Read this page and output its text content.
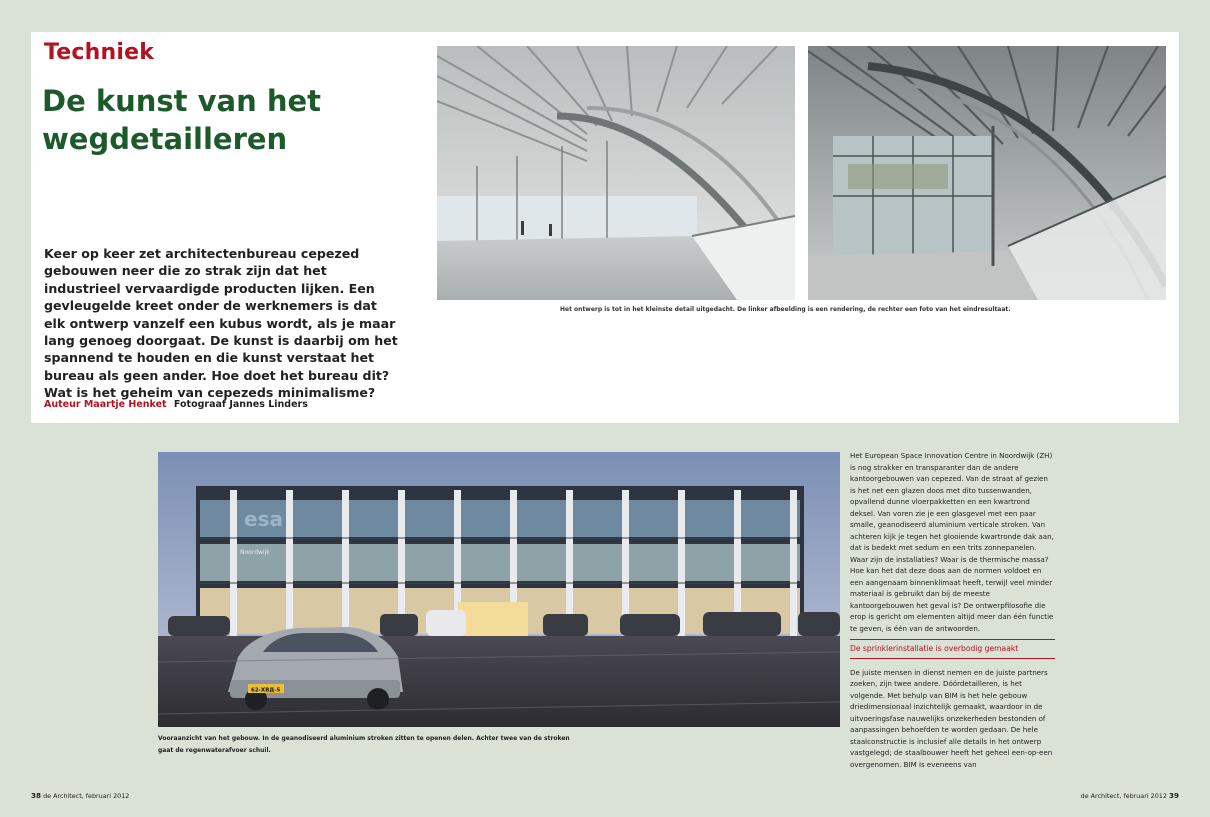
Techniek
De kunst van het wegdetailleren
Keer op keer zet architectenbureau cepezed gebouwen neer die zo strak zijn dat het industrieel vervaardigde producten lijken. Een gevleugelde kreet onder de werknemers is dat elk ontwerp vanzelf een kubus wordt, als je maar lang genoeg doorgaat. De kunst is daarbij om het spannend te houden en die kunst verstaat het bureau als geen ander. Hoe doet het bureau dit? Wat is het geheim van cepezeds minimalisme?
Auteur Maartje Henket Fotograaf Jannes Linders
Het ontwerp is tot in het kleinste detail uitgedacht. De linker afbeelding is een rendering, de rechter een foto van het eindresultaat.
esa
Noordwijk
62-ХВД-5
Vooraanzicht van het gebouw. In de geanodiseerd aluminium stroken zitten te openen delen. Achter twee van de stroken gaat de regenwaterafvoer schuil.

Het European Space Innovation Centre in Noordwijk (ZH) is nog strakker en transparanter dan de andere kantoorgebouwen van cepezed. Van de straat af gezien is het net een glazen doos met dito tussenwanden, opvallend dunne vloerpakketten en een kwartrond deksel. Van voren zie je een glasgevel met een paar smalle, geanodiseerd aluminium verticale stroken. Van achteren kijk je tegen het glooiende kwartronde dak aan, dat is bedekt met sedum en een trits zonnepanelen.

Waar zijn de installaties? Waar is de thermische massa? Hoe kan het dat deze doos aan de normen voldoet en een aangenaam binnenklimaat heeft, terwijl veel minder materiaal is gebruikt dan bij de meeste kantoorgebouwen het geval is? De ontwerpfilosofie die erop is gericht om elementen altijd meer dan één functie te geven, is één van de antwoorden.

De sprinklerinstallatie is overbodig gemaakt

De juiste mensen in dienst nemen en de juiste partners zoeken, zijn twee andere. Dóórdetailleren, is het volgende. Met behulp van BIM is het hele gebouw driedimensionaal inzichtelijk gemaakt, waardoor in de uitvoeringsfase nauwelijks onzekerheden bestonden of aanpassingen behoefden te worden gedaan. De hele staalconstructie is inclusief alle details in het ontwerp vastgelegd; de staalbouwer heeft het geheel een-op-een overgenomen. BIM is eveneens van

38 de Architect, februari 2012	de Architect, februari 2012 39
